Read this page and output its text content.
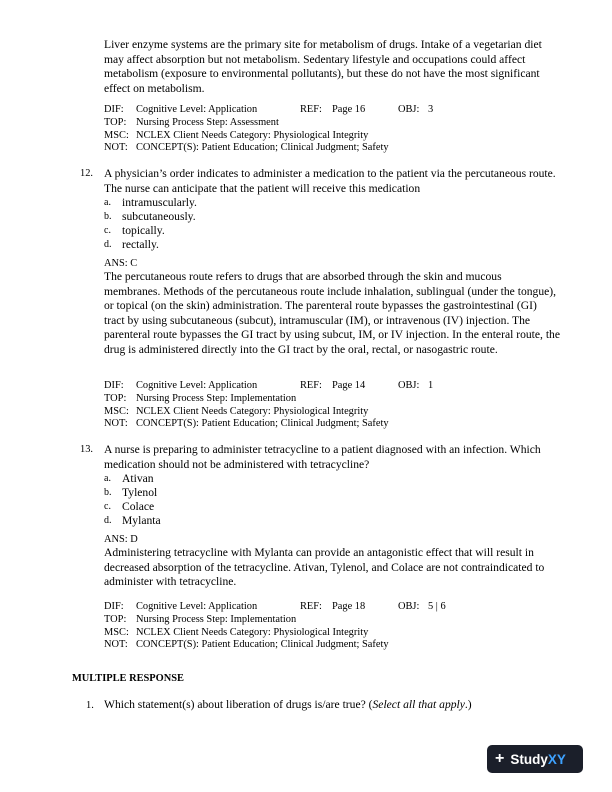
Liver enzyme systems are the primary site for metabolism of drugs. Intake of a vegetarian diet may affect absorption but not metabolism. Sedentary lifestyle and occupations could affect metabolism (exposure to environmental pollutants), but these do not have the most significant effect on metabolism.

DIF: Cognitive Level: Application	REF: Page 16	OBJ: 3
TOP: Nursing Process Step: Assessment
MSC: NCLEX Client Needs Category: Physiological Integrity
NOT: CONCEPT(S): Patient Education; Clinical Judgment; Safety
12. A physician’s order indicates to administer a medication to the patient via the percutaneous route. The nurse can anticipate that the patient will receive this medication

a. intramuscularly.
b. subcutaneously.
c. topically.
d. rectally.
ANS: C

The percutaneous route refers to drugs that are absorbed through the skin and mucous membranes. Methods of the percutaneous route include inhalation, sublingual (under the tongue), or topical (on the skin) administration. The parenteral route bypasses the gastrointestinal (GI) tract by using subcutaneous (subcut), intramuscular (IM), or intravenous (IV) injection. The parenteral route bypasses the GI tract by using subcut, IM, or IV injection. In the enteral route, the drug is administered directly into the GI tract by the oral, rectal, or nasogastric route.

DIF: Cognitive Level: Application	REF: Page 14	OBJ: 1
TOP: Nursing Process Step: Implementation
MSC: NCLEX Client Needs Category: Physiological Integrity
NOT: CONCEPT(S): Patient Education; Clinical Judgment; Safety
13. A nurse is preparing to administer tetracycline to a patient diagnosed with an infection. Which medication should not be administered with tetracycline?

a. Ativan
b. Tylenol
c. Colace
d. Mylanta
ANS: D

Administering tetracycline with Mylanta can provide an antagonistic effect that will result in decreased absorption of the tetracycline. Ativan, Tylenol, and Colace are not contraindicated to administer with tetracycline.

DIF: Cognitive Level: Application	REF: Page 18	OBJ: 5 | 6
TOP: Nursing Process Step: Implementation
MSC: NCLEX Client Needs Category: Physiological Integrity
NOT: CONCEPT(S): Patient Education; Clinical Judgment; Safety
MULTIPLE RESPONSE
1. Which statement(s) about liberation of drugs is/are true? (Select all that apply.)
+ Study XY
